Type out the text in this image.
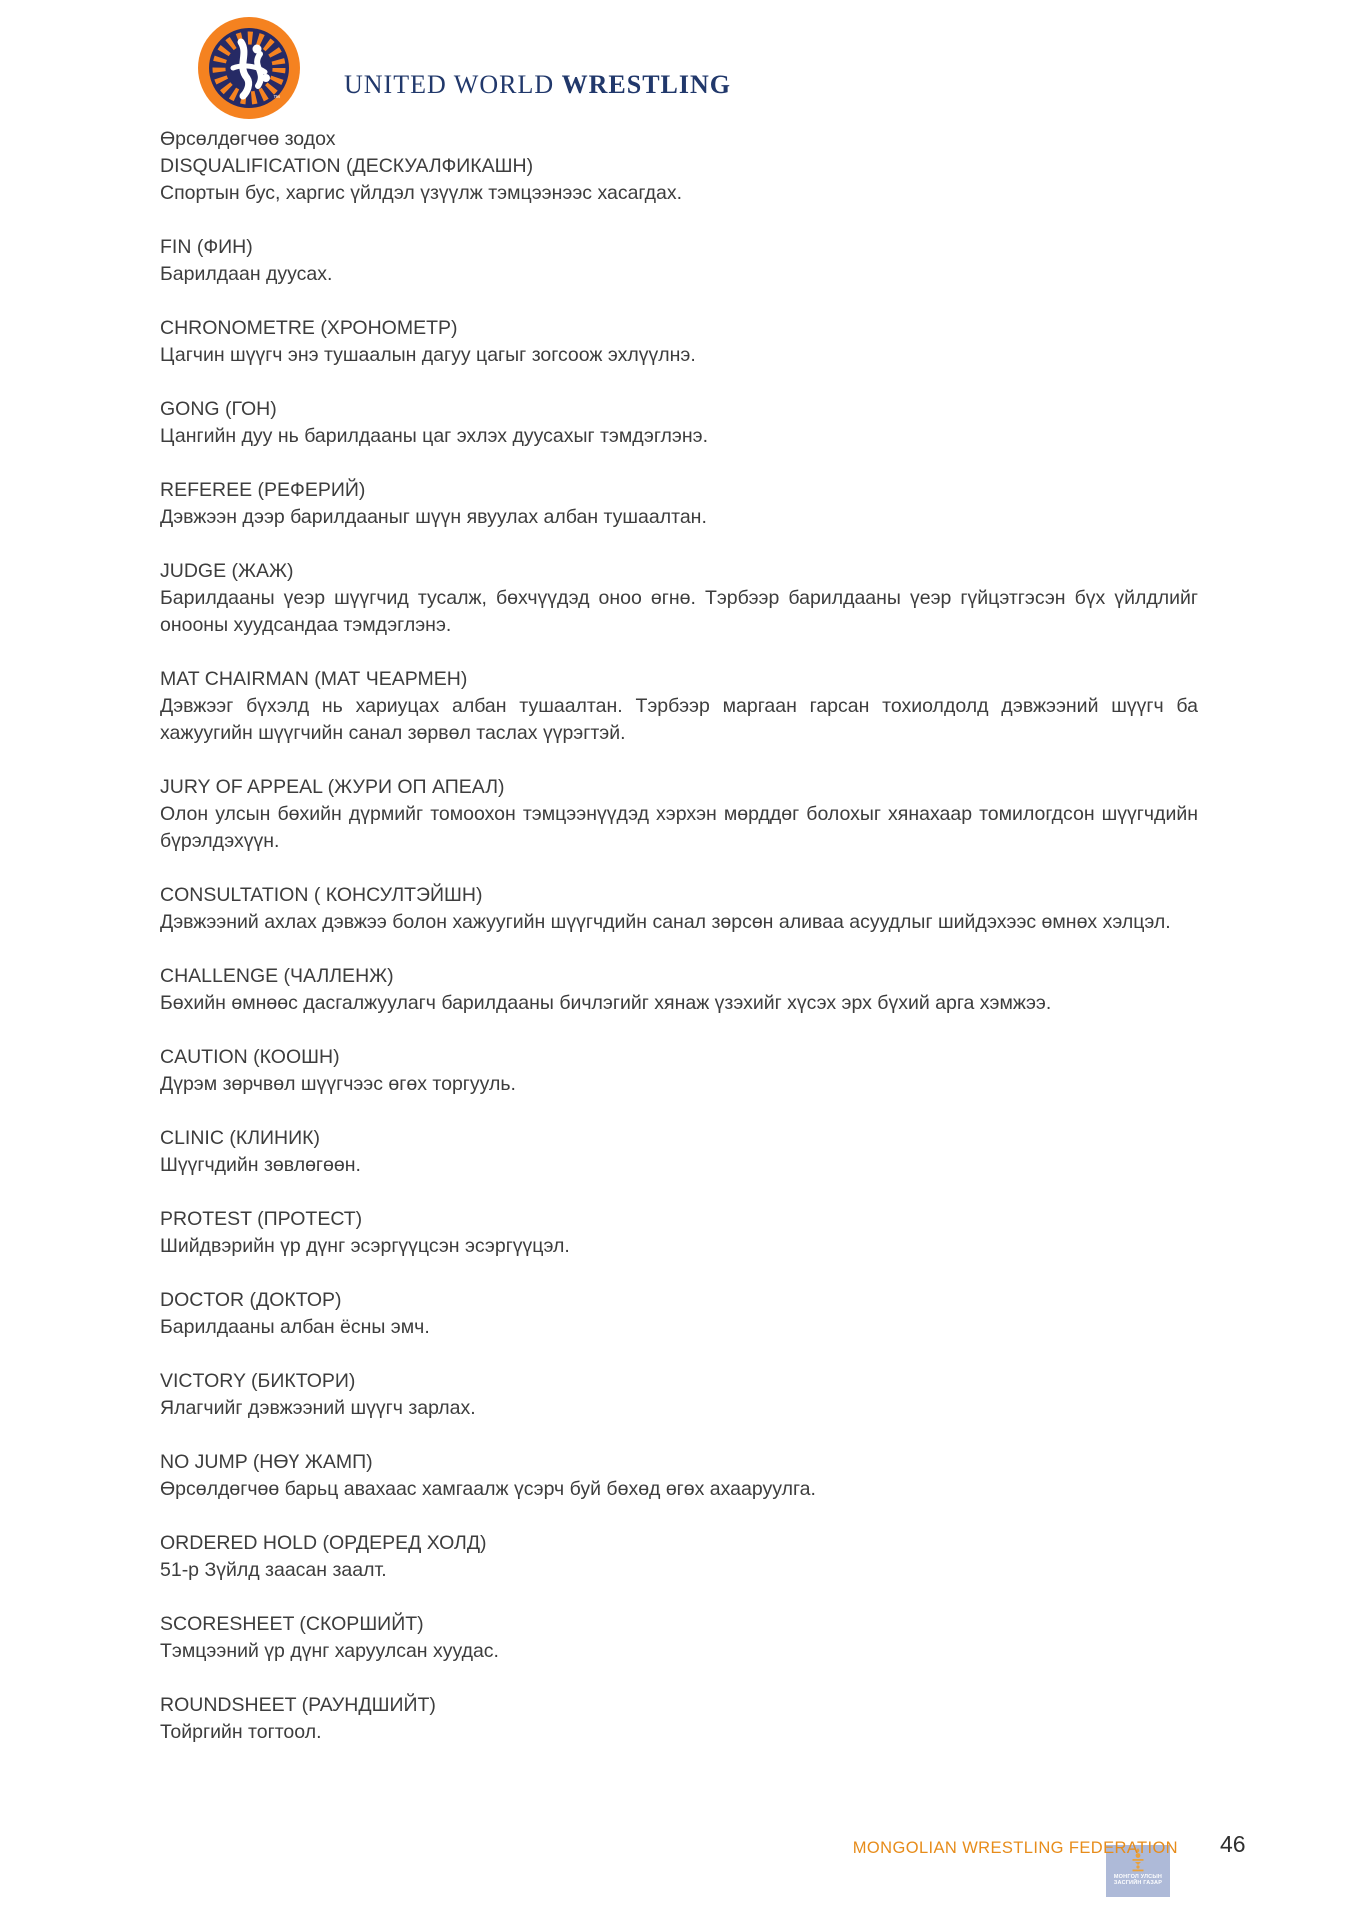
™ UNITED WORLD WRESTLING

Өрсөлдөгчөө зодох

DISQUALIFICATION (ДЕСКУАЛФИКАШН)

Спортын бус, харгис үйлдэл үзүүлж тэмцээнээс хасагдах.

FIN (ФИН)

Барилдаан дуусах.

CHRONOMETRE (ХРОНОМЕТР)

Цагчин шүүгч энэ тушаалын дагуу цагыг зогсоож эхлүүлнэ.

GONG (ГОН)

Цангийн дуу нь барилдааны цаг эхлэх дуусахыг тэмдэглэнэ.

REFEREE (РЕФЕРИЙ)

Дэвжээн дээр барилдааныг шүүн явуулах албан тушаалтан.

JUDGE (ЖАЖ)

Барилдааны үеэр шүүгчид тусалж, бөхчүүдэд оноо өгнө. Тэрбээр барилдааны үеэр гүйцэтгэсэн бүх үйлдлийг онооны хуудсандаа тэмдэглэнэ.

MAT CHAIRMAN (МАТ ЧЕАРМЕН)

Дэвжээг бүхэлд нь хариуцах албан тушаалтан. Тэрбээр маргаан гарсан тохиолдолд дэвжээний шүүгч ба хажуугийн шүүгчийн санал зөрвөл таслах үүрэгтэй.

JURY OF APPEAL (ЖУРИ ОП АПЕАЛ)

Олон улсын бөхийн дүрмийг томоохон тэмцээнүүдэд хэрхэн мөрддөг болохыг хянахаар томилогдсон шүүгчдийн бүрэлдэхүүн.

CONSULTATION ( КОНСУЛТЭЙШН)

Дэвжээний ахлах дэвжээ болон хажуугийн шүүгчдийн санал зөрсөн аливаа асуудлыг шийдэхээс өмнөх хэлцэл.

CHALLENGE (ЧАЛЛЕНЖ)

Бөхийн өмнөөс дасгалжуулагч барилдааны бичлэгийг хянаж үзэхийг хүсэх эрх бүхий арга хэмжээ.

CAUTION (КООШН)

Дүрэм зөрчвөл шүүгчээс өгөх торгууль.

CLINIC (КЛИНИК)

Шүүгчдийн зөвлөгөөн.

PROTEST (ПРОТЕСТ)

Шийдвэрийн үр дүнг эсэргүүцсэн эсэргүүцэл.

DOCTOR (ДОКТОР)

Барилдааны албан ёсны эмч.

VICTORY (БИКТОРИ)

Ялагчийг дэвжээний шүүгч зарлах.

NO JUMP (НӨҮ ЖАМП)

Өрсөлдөгчөө барьц авахаас хамгаалж үсэрч буй бөхөд өгөх ахааруулга.

ORDERED HOLD (ОРДЕРЕД ХОЛД)

51-р Зүйлд заасан заалт.

SCORESHEET (СКОРШИЙТ)

Тэмцээний үр дүнг харуулсан хуудас.

ROUNDSHEET (РАУНДШИЙТ)

Тойргийн тогтоол.

МОНГОЛ УЛСЫН
ЗАСГИЙН ГАЗАР
MONGOLIAN WRESTLING FEDERATION 46
